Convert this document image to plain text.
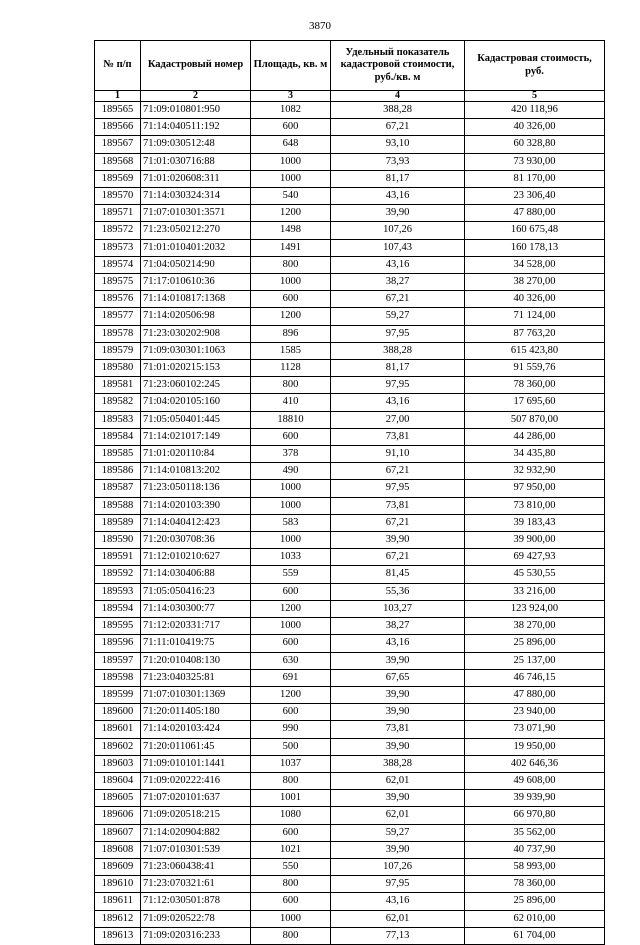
3870
№ п/п	Кадастровый номер	Площадь, кв. м	Удельный показатель кадастровой стоимости, руб./кв. м	Кадастровая стоимость, руб.
1	2	3	4	5
189565	71:09:010801:950	1082	388,28	420 118,96
189566	71:14:040511:192	600	67,21	40 326,00
189567	71:09:030512:48	648	93,10	60 328,80
189568	71:01:030716:88	1000	73,93	73 930,00
189569	71:01:020608:311	1000	81,17	81 170,00
189570	71:14:030324:314	540	43,16	23 306,40
189571	71:07:010301:3571	1200	39,90	47 880,00
189572	71:23:050212:270	1498	107,26	160 675,48
189573	71:01:010401:2032	1491	107,43	160 178,13
189574	71:04:050214:90	800	43,16	34 528,00
189575	71:17:010610:36	1000	38,27	38 270,00
189576	71:14:010817:1368	600	67,21	40 326,00
189577	71:14:020506:98	1200	59,27	71 124,00
189578	71:23:030202:908	896	97,95	87 763,20
189579	71:09:030301:1063	1585	388,28	615 423,80
189580	71:01:020215:153	1128	81,17	91 559,76
189581	71:23:060102:245	800	97,95	78 360,00
189582	71:04:020105:160	410	43,16	17 695,60
189583	71:05:050401:445	18810	27,00	507 870,00
189584	71:14:021017:149	600	73,81	44 286,00
189585	71:01:020110:84	378	91,10	34 435,80
189586	71:14:010813:202	490	67,21	32 932,90
189587	71:23:050118:136	1000	97,95	97 950,00
189588	71:14:020103:390	1000	73,81	73 810,00
189589	71:14:040412:423	583	67,21	39 183,43
189590	71:20:030708:36	1000	39,90	39 900,00
189591	71:12:010210:627	1033	67,21	69 427,93
189592	71:14:030406:88	559	81,45	45 530,55
189593	71:05:050416:23	600	55,36	33 216,00
189594	71:14:030300:77	1200	103,27	123 924,00
189595	71:12:020331:717	1000	38,27	38 270,00
189596	71:11:010419:75	600	43,16	25 896,00
189597	71:20:010408:130	630	39,90	25 137,00
189598	71:23:040325:81	691	67,65	46 746,15
189599	71:07:010301:1369	1200	39,90	47 880,00
189600	71:20:011405:180	600	39,90	23 940,00
189601	71:14:020103:424	990	73,81	73 071,90
189602	71:20:011061:45	500	39,90	19 950,00
189603	71:09:010101:1441	1037	388,28	402 646,36
189604	71:09:020222:416	800	62,01	49 608,00
189605	71:07:020101:637	1001	39,90	39 939,90
189606	71:09:020518:215	1080	62,01	66 970,80
189607	71:14:020904:882	600	59,27	35 562,00
189608	71:07:010301:539	1021	39,90	40 737,90
189609	71:23:060438:41	550	107,26	58 993,00
189610	71:23:070321:61	800	97,95	78 360,00
189611	71:12:030501:878	600	43,16	25 896,00
189612	71:09:020522:78	1000	62,01	62 010,00
189613	71:09:020316:233	800	77,13	61 704,00
